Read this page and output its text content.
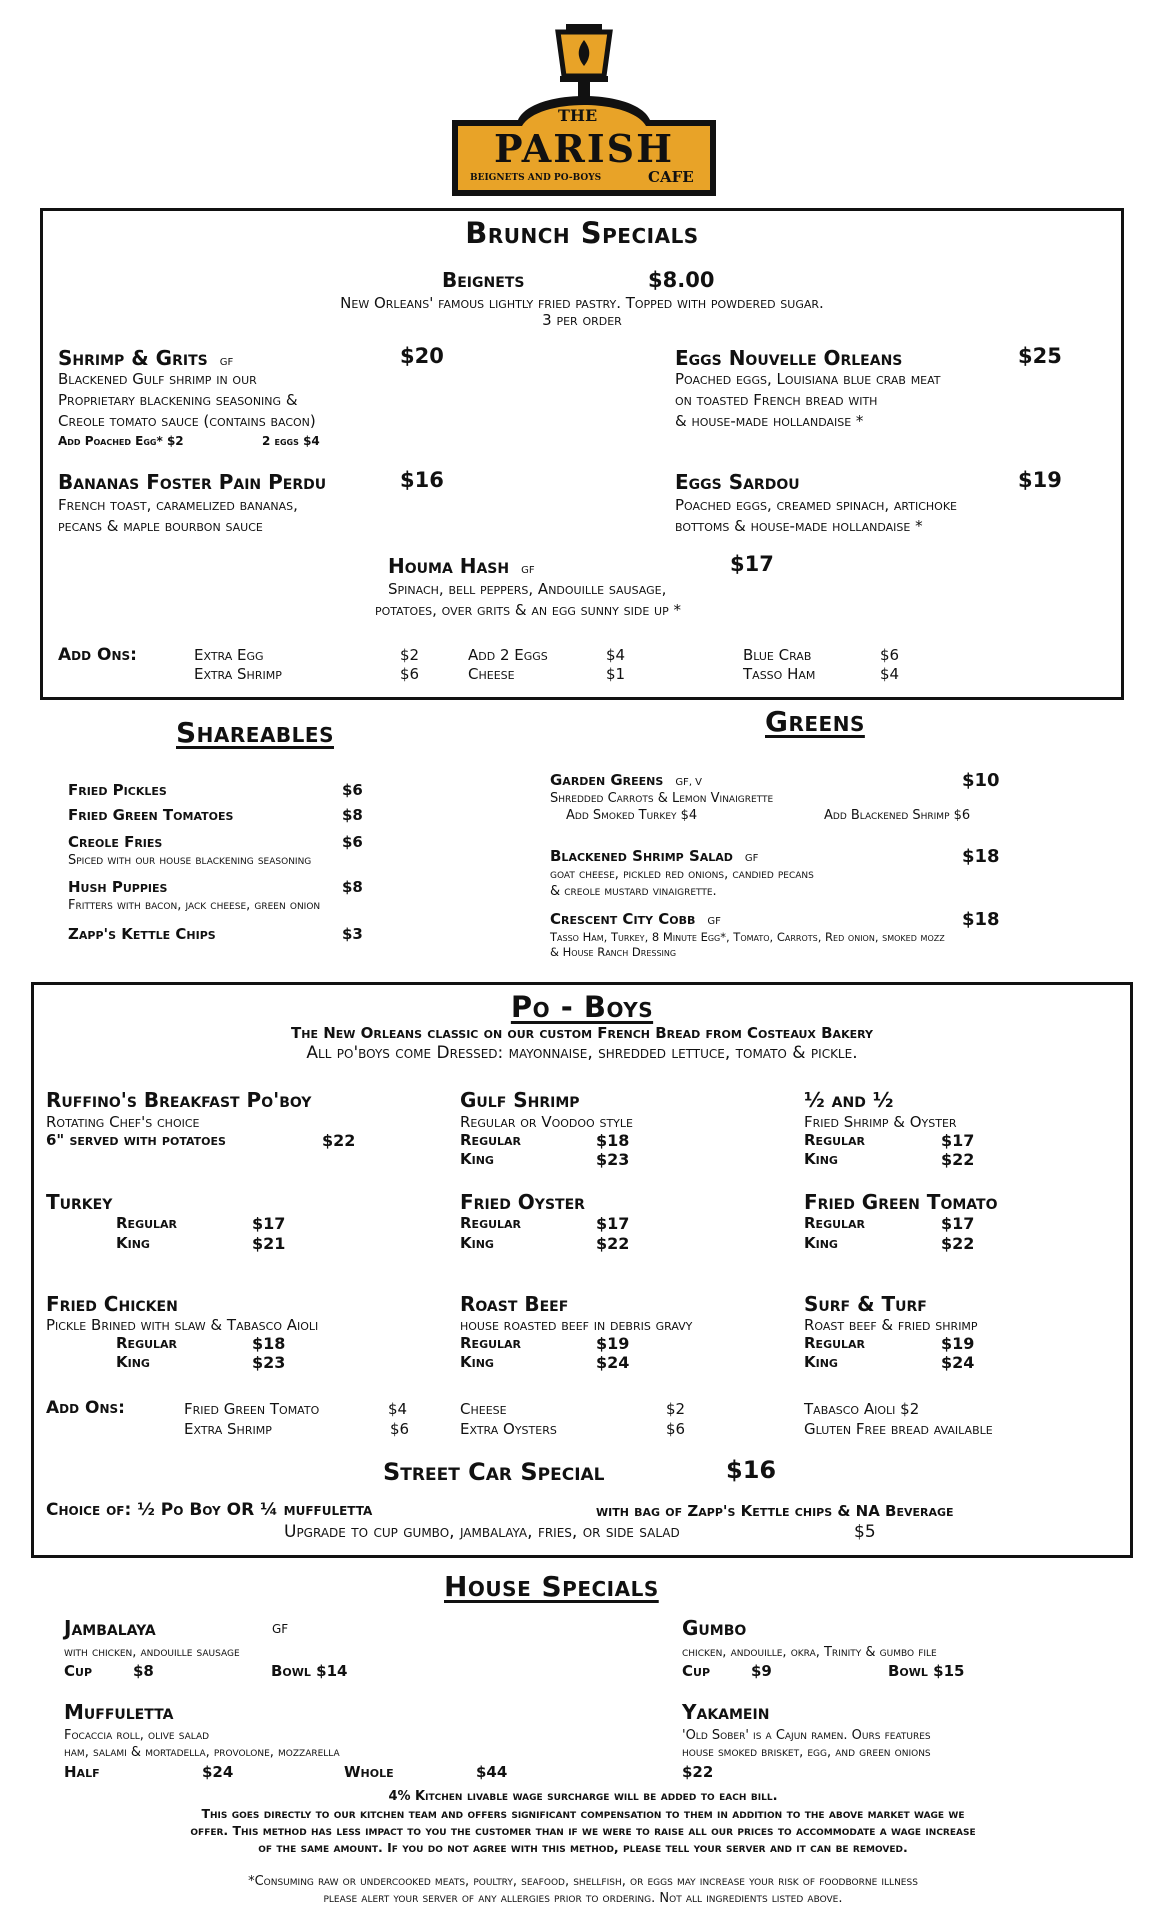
THE
PARISH
BEIGNETS AND PO-BOYS	CAFE
Brunch Specials
Beignets	$8.00
New Orleans' famous lightly fried pastry. Topped with powdered sugar.
3 per order
Shrimp & Grits GF	$20
Blackened Gulf shrimp in our
Proprietary blackening seasoning &
Creole tomato sauce (contains bacon)
Add Poached Egg* $2	2 eggs $4
Eggs Nouvelle Orleans	$25
Poached eggs, Louisiana blue crab meat
on toasted French bread with
& house-made hollandaise *
Bananas Foster Pain Perdu	$16
French toast, caramelized bananas,
pecans & maple bourbon sauce
Eggs Sardou	$19
Poached eggs, creamed spinach, artichoke
bottoms & house-made hollandaise *
Houma Hash GF	$17
Spinach, bell peppers, Andouille sausage,
potatoes, over grits & an egg sunny side up *
Add Ons:	Extra Egg	$2
Extra Shrimp	$6
Add 2 Eggs	$4
Cheese	$1
Blue Crab	$6
Tasso Ham	$4
Shareables
Fried Pickles	$6
Fried Green Tomatoes	$8
Creole Fries	$6
Spiced with our house blackening seasoning
Hush Puppies	$8
Fritters with bacon, jack cheese, green onion
Zapp's Kettle Chips	$3
Greens
Garden Greens GF, V	$10
Shredded Carrots & Lemon Vinaigrette
Add Smoked Turkey $4	Add Blackened Shrimp $6
Blackened Shrimp Salad GF	$18
goat cheese, pickled red onions, candied pecans
& creole mustard vinaigrette.
Crescent City Cobb GF	$18
Tasso Ham, Turkey, 8 Minute Egg*, Tomato, Carrots, Red onion, smoked mozz
& House Ranch Dressing
Po - Boys
The New Orleans classic on our custom French Bread from Costeaux Bakery
All po'boys come Dressed: mayonnaise, shredded lettuce, tomato & pickle.
Ruffino's Breakfast Po'boy
Rotating Chef's choice
6" served with potatoes	$22
Gulf Shrimp
Regular or Voodoo style
Regular	$18
King	$23
½ and ½
Fried Shrimp & Oyster
Regular	$17
King	$22
Turkey
Regular	$17
King	$21
Fried Oyster
Regular	$17
King	$22
Fried Green Tomato
Regular	$17
King	$22
Fried Chicken
Pickle Brined with slaw & Tabasco Aioli
Regular	$18
King	$23
Roast Beef
house roasted beef in debris gravy
Regular	$19
King	$24
Surf & Turf
Roast beef & fried shrimp
Regular	$19
King	$24
Add Ons:	Fried Green Tomato	$4
Extra Shrimp	$6
Cheese	$2
Extra Oysters	$6
Tabasco Aioli $2
Gluten Free bread available
Street Car Special	$16
Choice of: ½ Po Boy OR ¼ muffuletta	with bag of Zapp's Kettle chips & NA Beverage
Upgrade to cup gumbo, jambalaya, fries, or side salad	$5
House Specials
Jambalaya	GF
with chicken, andouille sausage
Cup	$8	Bowl $14
Gumbo
chicken, andouille, okra, Trinity & gumbo file
Cup	$9	Bowl $15
Muffuletta
Focaccia roll, olive salad
ham, salami & mortadella, provolone, mozzarella
Half	$24	Whole	$44
Yakamein
'Old Sober' is a Cajun ramen. Ours features
house smoked brisket, egg, and green onions
$22
4% Kitchen livable wage surcharge will be added to each bill.
This goes directly to our kitchen team and offers significant compensation to them in addition to the above market wage we
offer. This method has less impact to you the customer than if we were to raise all our prices to accommodate a wage increase
of the same amount. If you do not agree with this method, please tell your server and it can be removed.
*Consuming raw or undercooked meats, poultry, seafood, shellfish, or eggs may increase your risk of foodborne illness
please alert your server of any allergies prior to ordering. Not all ingredients listed above.
